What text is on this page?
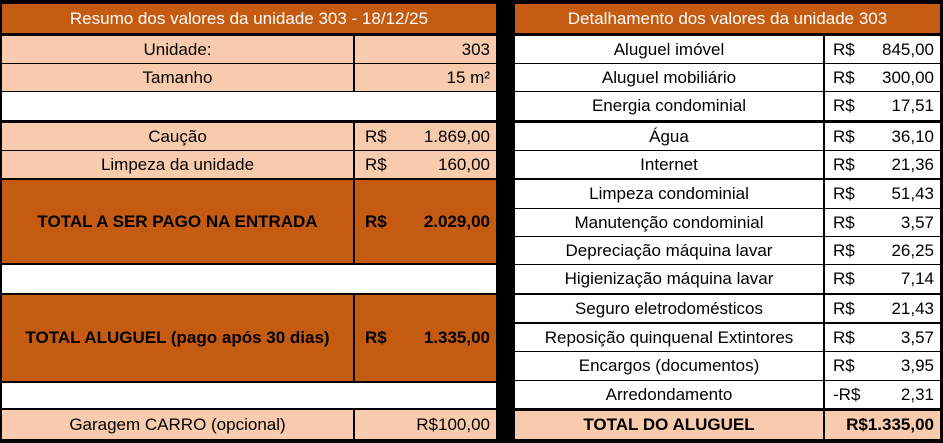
Resumo dos valores da unidade 303 - 18/12/25
Unidade:	303
Tamanho	15 m²
Caução	R$ 1.869,00
Limpeza da unidade	R$	160,00
TOTAL A SER PAGO NA ENTRADA	R$ 2.029,00
TOTAL ALUGUEL (pago após 30 dias)	R$ 1.335,00
Garagem CARRO (opcional)	R$100,00
Detalhamento dos valores da unidade 303
Aluguel imóvel	R$ 845,00
Aluguel mobiliário	R$ 300,00
Energia condominial	R$ 17,51
Água	R$ 36,10
Internet	R$ 21,36
Limpeza condominial	R$ 51,43
Manutenção condominial	R$	3,57
Depreciação máquina lavar	R$ 26,25
Higienização máquina lavar	R$	7,14
Seguro eletrodomésticos	R$ 21,43
Reposição quinquenal Extintores	R$	3,57
Encargos (documentos)	R$	3,95
Arredondamento	-R$ 2,31
TOTAL DO ALUGUEL	R$1.335,00
